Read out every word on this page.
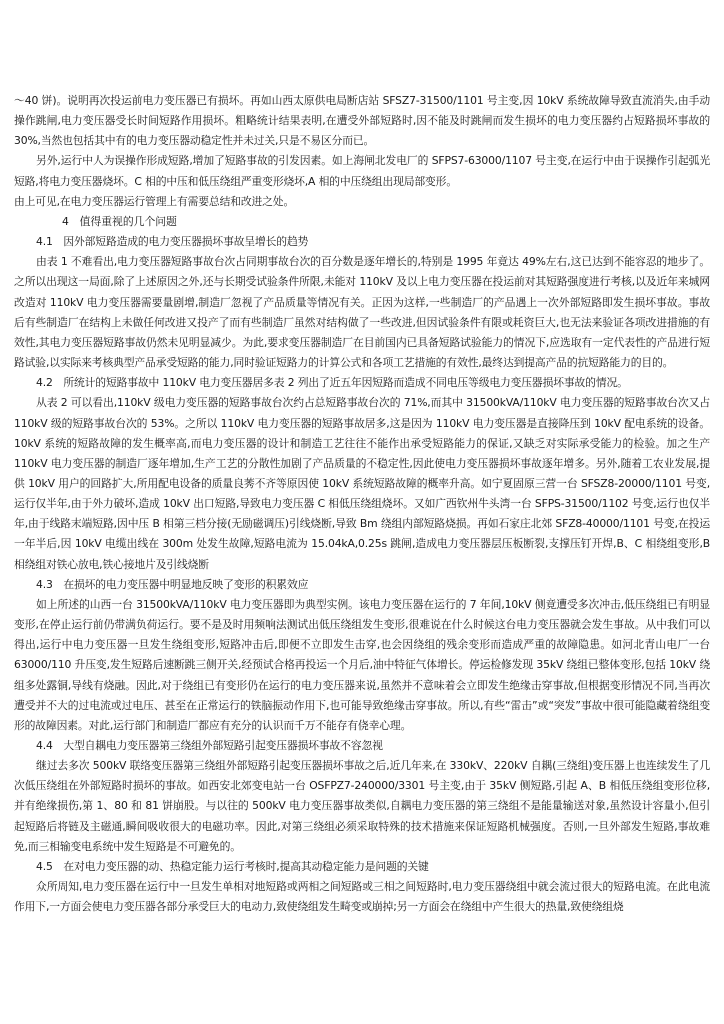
～40 饼)。说明再次投运前电力变压器已有损坏。再如山西太原供电局断店站 SFSZ7-31500/1101 号主变,因 10kV 系统故障导致直流消失,由手动操作跳闸,电力变压器受长时间短路作用损坏。粗略统计结果表明,在遭受外部短路时,因不能及时跳闸而发生损坏的电力变压器约占短路损坏事故的 30%,当然也包括其中有的电力变压器动稳定性并未过关,只是不易区分而已。

另外,运行中人为误操作形成短路,增加了短路事故的引发因素。如上海闸北发电厂的 SFPS7-63000/1107 号主变,在运行中由于误操作引起弧光短路,将电力变压器烧坏。C 相的中压和低压绕组严重变形烧坏,A 相的中压绕组出现局部变形。

由上可见,在电力变压器运行管理上有需要总结和改进之处。

4　值得重视的几个问题

4.1　因外部短路造成的电力变压器损坏事故呈增长的趋势

由表 1 不难看出,电力变压器短路事故台次占同期事故台次的百分数是逐年增长的,特别是 1995 年竟达 49%左右,这已达到不能容忍的地步了。之所以出现这一局面,除了上述原因之外,还与长期受试验条件所限,未能对 110kV 及以上电力变压器在投运前对其短路强度进行考核,以及近年来城网改造对 110kV 电力变压器需要量剧增,制造厂忽视了产品质量等情况有关。正因为这样,一些制造厂的产品遇上一次外部短路即发生损坏事故。事故后有些制造厂在结构上未做任何改进又投产了而有些制造厂虽然对结构做了一些改进,但因试验条件有限或耗资巨大,也无法来验证各项改进措施的有效性,其电力变压器短路事故仍然未见明显减少。为此,要求变压器制造厂在目前国内已具备短路试验能力的情况下,应选取有一定代表性的产品进行短路试验,以实际来考核典型产品承受短路的能力,同时验证短路力的计算公式和各项工艺措施的有效性,最终达到提高产品的抗短路能力的目的。

4.2　所统计的短路事故中 110kV 电力变压器居多表 2 列出了近五年因短路而造成不同电压等级电力变压器损坏事故的情况。

从表 2 可以看出,110kV 级电力变压器的短路事故台次约占总短路事故台次的 71%,而其中 31500kVA/110kV 电力变压器的短路事故台次又占 110kV 级的短路事故台次的 53%。之所以 110kV 电力变压器的短路事故居多,这是因为 110kV 电力变压器是直接降压到 10kV 配电系统的设备。10kV 系统的短路故障的发生概率高,而电力变压器的设计和制造工艺往往不能作出承受短路能力的保证,又缺乏对实际承受能力的检验。加之生产 110kV 电力变压器的制造厂逐年增加,生产工艺的分散性加剧了产品质量的不稳定性,因此使电力变压器损坏事故逐年增多。另外,随着工农业发展,提供 10kV 用户的回路扩大,所用配电设备的质量良莠不齐等原因使 10kV 系统短路故障的概率升高。如宁夏固原三营一台 SFSZ8-20000/1101 号变,运行仅半年,由于外力破坏,造成 10kV 出口短路,导致电力变压器 C 相低压绕组烧坏。又如广西钦州牛头湾一台 SFPS-31500/1102 号变,运行也仅半年,由于线路末端短路,因中压 B 相第三档分接(无励磁调压)引线烧断,导致 Bm 绕组内部短路烧损。再如石家庄北郊 SFZ8-40000/1101 号变,在投运一年半后,因 10kV 电缆出线在 300m 处发生故障,短路电流为 15.04kA,0.25s 跳闸,造成电力变压器层压板断裂,支撑压钉开焊,B、C 相绕组变形,B 相绕组对铁心放电,铁心接地片及引线烧断

4.3　在损坏的电力变压器中明显地反映了变形的积累效应

如上所述的山西一台 31500kVA/110kV 电力变压器即为典型实例。该电力变压器在运行的 7 年间,10kV 侧竟遭受多次冲击,低压绕组已有明显变形,在停止运行前仍带满负荷运行。要不是及时用频响法测试出低压绕组发生变形,很难说在什么时候这台电力变压器就会发生事故。从中我们可以得出,运行中电力变压器一旦发生绕组变形,短路冲击后,即便不立即发生击穿,也会因绕组的残余变形而造成严重的故障隐患。如河北青山电厂一台 63000/110 升压变,发生短路后速断跳三侧开关,经预试合格再投运一个月后,油中特征气体增长。停运检修发现 35kV 绕组已整体变形,包括 10kV 绕组多处露铜,导线有烧融。因此,对于绕组已有变形仍在运行的电力变压器来说,虽然并不意味着会立即发生绝缘击穿事故,但根据变形情况不同,当再次遭受并不大的过电流或过电压、甚至在正常运行的铁脑振动作用下,也可能导致绝缘击穿事故。所以,有些“雷击”或“突发”事故中很可能隐藏着绕组变形的故障因素。对此,运行部门和制造厂都应有充分的认识而千万不能存有侥幸心理。

4.4　大型自耦电力变压器第三绕组外部短路引起变压器损坏事故不容忽视

继过去多次 500kV 联络变压器第三绕组外部短路引起变压器损坏事故之后,近几年来,在 330kV、220kV 自耦(三绕组)变压器上也连续发生了几次低压绕组在外部短路时损坏的事故。如西安北郊变电站一台 OSFPZ7-240000/3301 号主变,由于 35kV 侧短路,引起 A、B 相低压绕组变形位移,并有绝缘损伤,第 1、80 和 81 饼崩股。与以往的 500kV 电力变压器事故类似,自耦电力变压器的第三绕组不是能量输送对象,虽然设计容量小,但引起短路后将链及主磁通,瞬间吸收很大的电磁功率。因此,对第三绕组必须采取特殊的技术措施来保证短路机械强度。否则,一旦外部发生短路,事故难免,而三相输变电系统中发生短路是不可避免的。

4.5　在对电力变压器的动、热稳定能力运行考核时,提高其动稳定能力是问题的关键

众所周知,电力变压器在运行中一旦发生单相对地短路或两相之间短路或三相之间短路时,电力变压器绕组中就会流过很大的短路电流。在此电流作用下,一方面会使电力变压器各部分承受巨大的电动力,致使绕组发生畸变或崩掉;另一方面会在绕组中产生很大的热量,致使绕组烧
